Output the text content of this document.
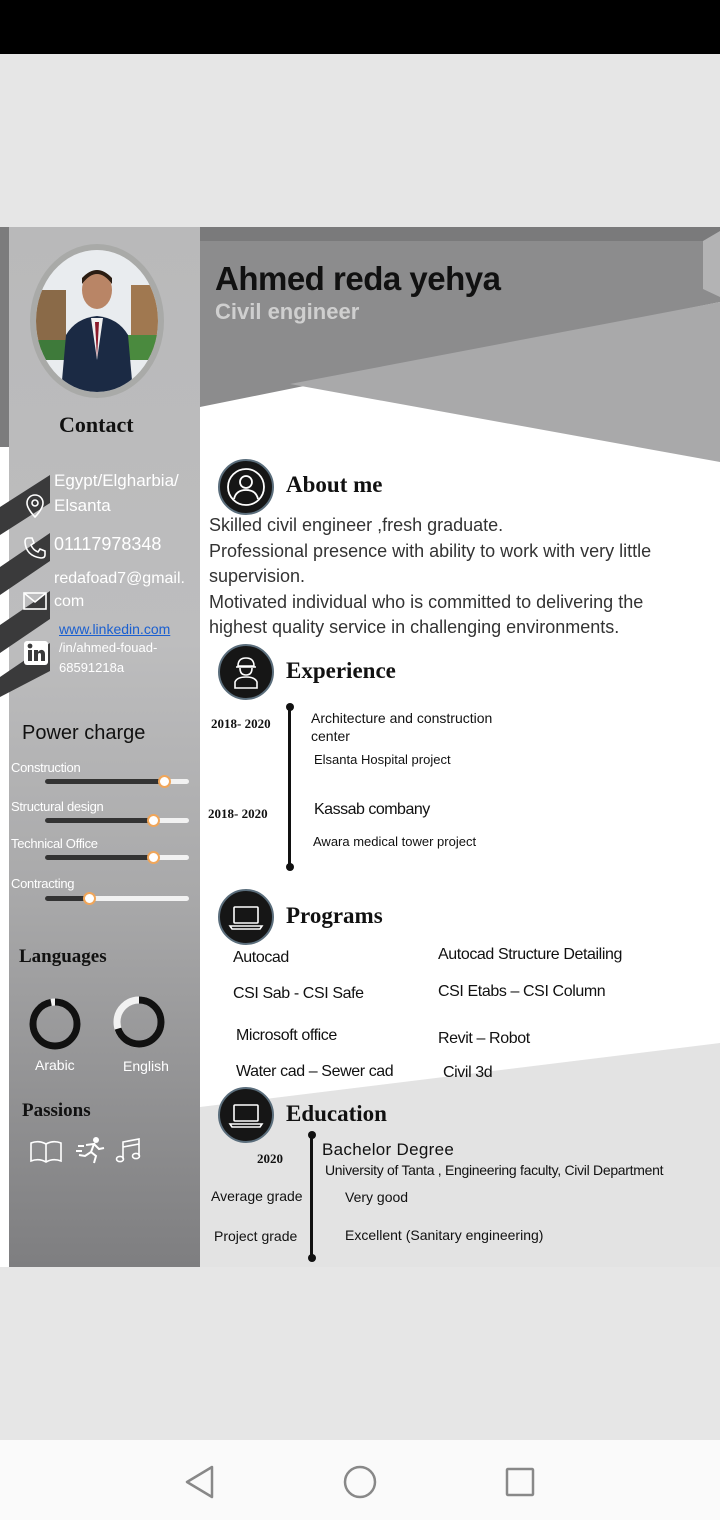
Contact
Egypt/Elgharbia/
Elsanta
01117978348
redafoad7@gmail.
com
www.linkedin.com
/in/ahmed-fouad-
68591218a
Power charge
Construction
Structural design
Technical Office
Contracting
Languages
Arabic	English
Passions
Ahmed reda yehya
Civil engineer
About me
Skilled civil engineer ,fresh graduate.
Professional presence with ability to work with very little
supervision.
Motivated individual who is committed to delivering the
highest quality service in challenging environments.
Experience
2018- 2020	Architecture and construction
center
Elsanta Hospital project
2018- 2020	Kassab combany
Awara medical tower project
Programs
Autocad	Autocad Structure Detailing
CSI Sab - CSI Safe	CSI Etabs – CSI Column
Microsoft office	Revit – Robot
Water cad – Sewer cad	Civil 3d
Education
2020 Bachelor Degree
University of Tanta , Engineering faculty, Civil Department
Average grade	Very good
Project grade	Excellent (Sanitary engineering)
